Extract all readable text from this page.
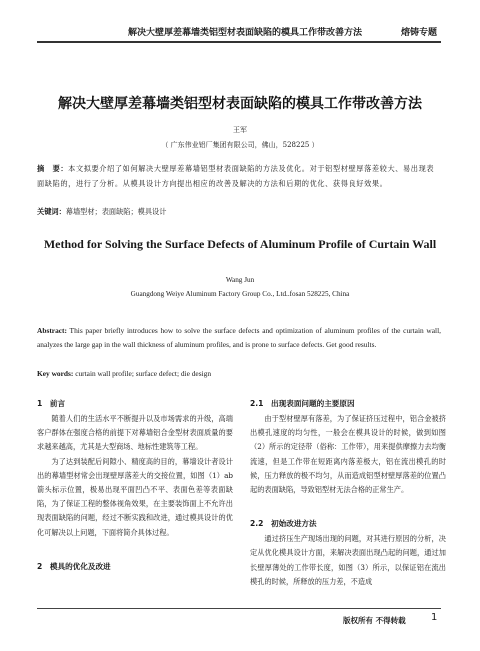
解决大壁厚差幕墙类铝型材表面缺陷的模具工作带改善方法	熔铸专题
解决大壁厚差幕墙类铝型材表面缺陷的模具工作带改善方法
王军
（ 广东伟业铝厂集团有限公司，佛山，528225 ）
摘　要：本文拟要介绍了如何解决大壁厚差幕墙铝型材表面缺陷的方法及优化。对于铝型材壁厚落差较大、易出现表面缺陷的，进行了分析。从模具设计方向提出相应的改善及解决的方法和后期的优化、获得良好效果。
关键词：幕墙型材；表面缺陷；模具设计
Method for Solving the Surface Defects of Aluminum Profile of Curtain Wall
Wang Jun
Guangdong Weiye Aluminum Factory Group Co., Ltd..fosan 528225, China
Abstract: This paper briefly introduces how to solve the surface defects and optimization of aluminum profiles of the curtain wall, analyzes the large gap in the wall thickness of aluminum profiles, and is prone to surface defects. Get good results.
Key words: curtain wall profile; surface defect; die design

1　前言

随着人们的生活水平不断提升以及市场需求的升级，高端客户群体在强度合格的前提下对幕墙铝合金型材表面质量的要求越来越高，尤其是大型商场、地标性建筑等工程。

为了达到装配后间隙小、精度高的目的，幕墙设计者设计出的幕墙型材常会出现壁厚落差大的交接位置，如图（1）ab 箭头标示位置，极易出现平面凹凸不平、表面色差等表面缺陷，为了保证工程的整体视角效果，在主要装饰面上不允许出现表面缺陷的问题，经过不断实践和改进，通过模具设计的优化可解决以上问题，下面将简介具体过程。

2　模具的优化及改进

2.1　出现表面问题的主要原因

由于型材壁厚有落差，为了保证挤压过程中，铝合金被挤出模孔速度的均匀性，一般会在模具设计的时候，做到如图（2）所示的定径带（俗称：工作带），用来提供摩擦力去均衡流速，但是工作带在短距离内落差极大，铝在流出模孔的时候，压力释放的极不均匀，从而造成铝型材壁厚落差的位置凸起的表面缺陷，导致铝型材无法合格的正常生产。

2.2　初始改进方法

通过挤压生产现场出现的问题，对其进行原因的分析，决定从优化模具设计方面，来解决表面出现凸起的问题，通过加长壁厚薄处的工作带长度，如图（3）所示，以保证铝在流出模孔的时候，所释放的压力差，不造成

版权所有 不得转载	1
